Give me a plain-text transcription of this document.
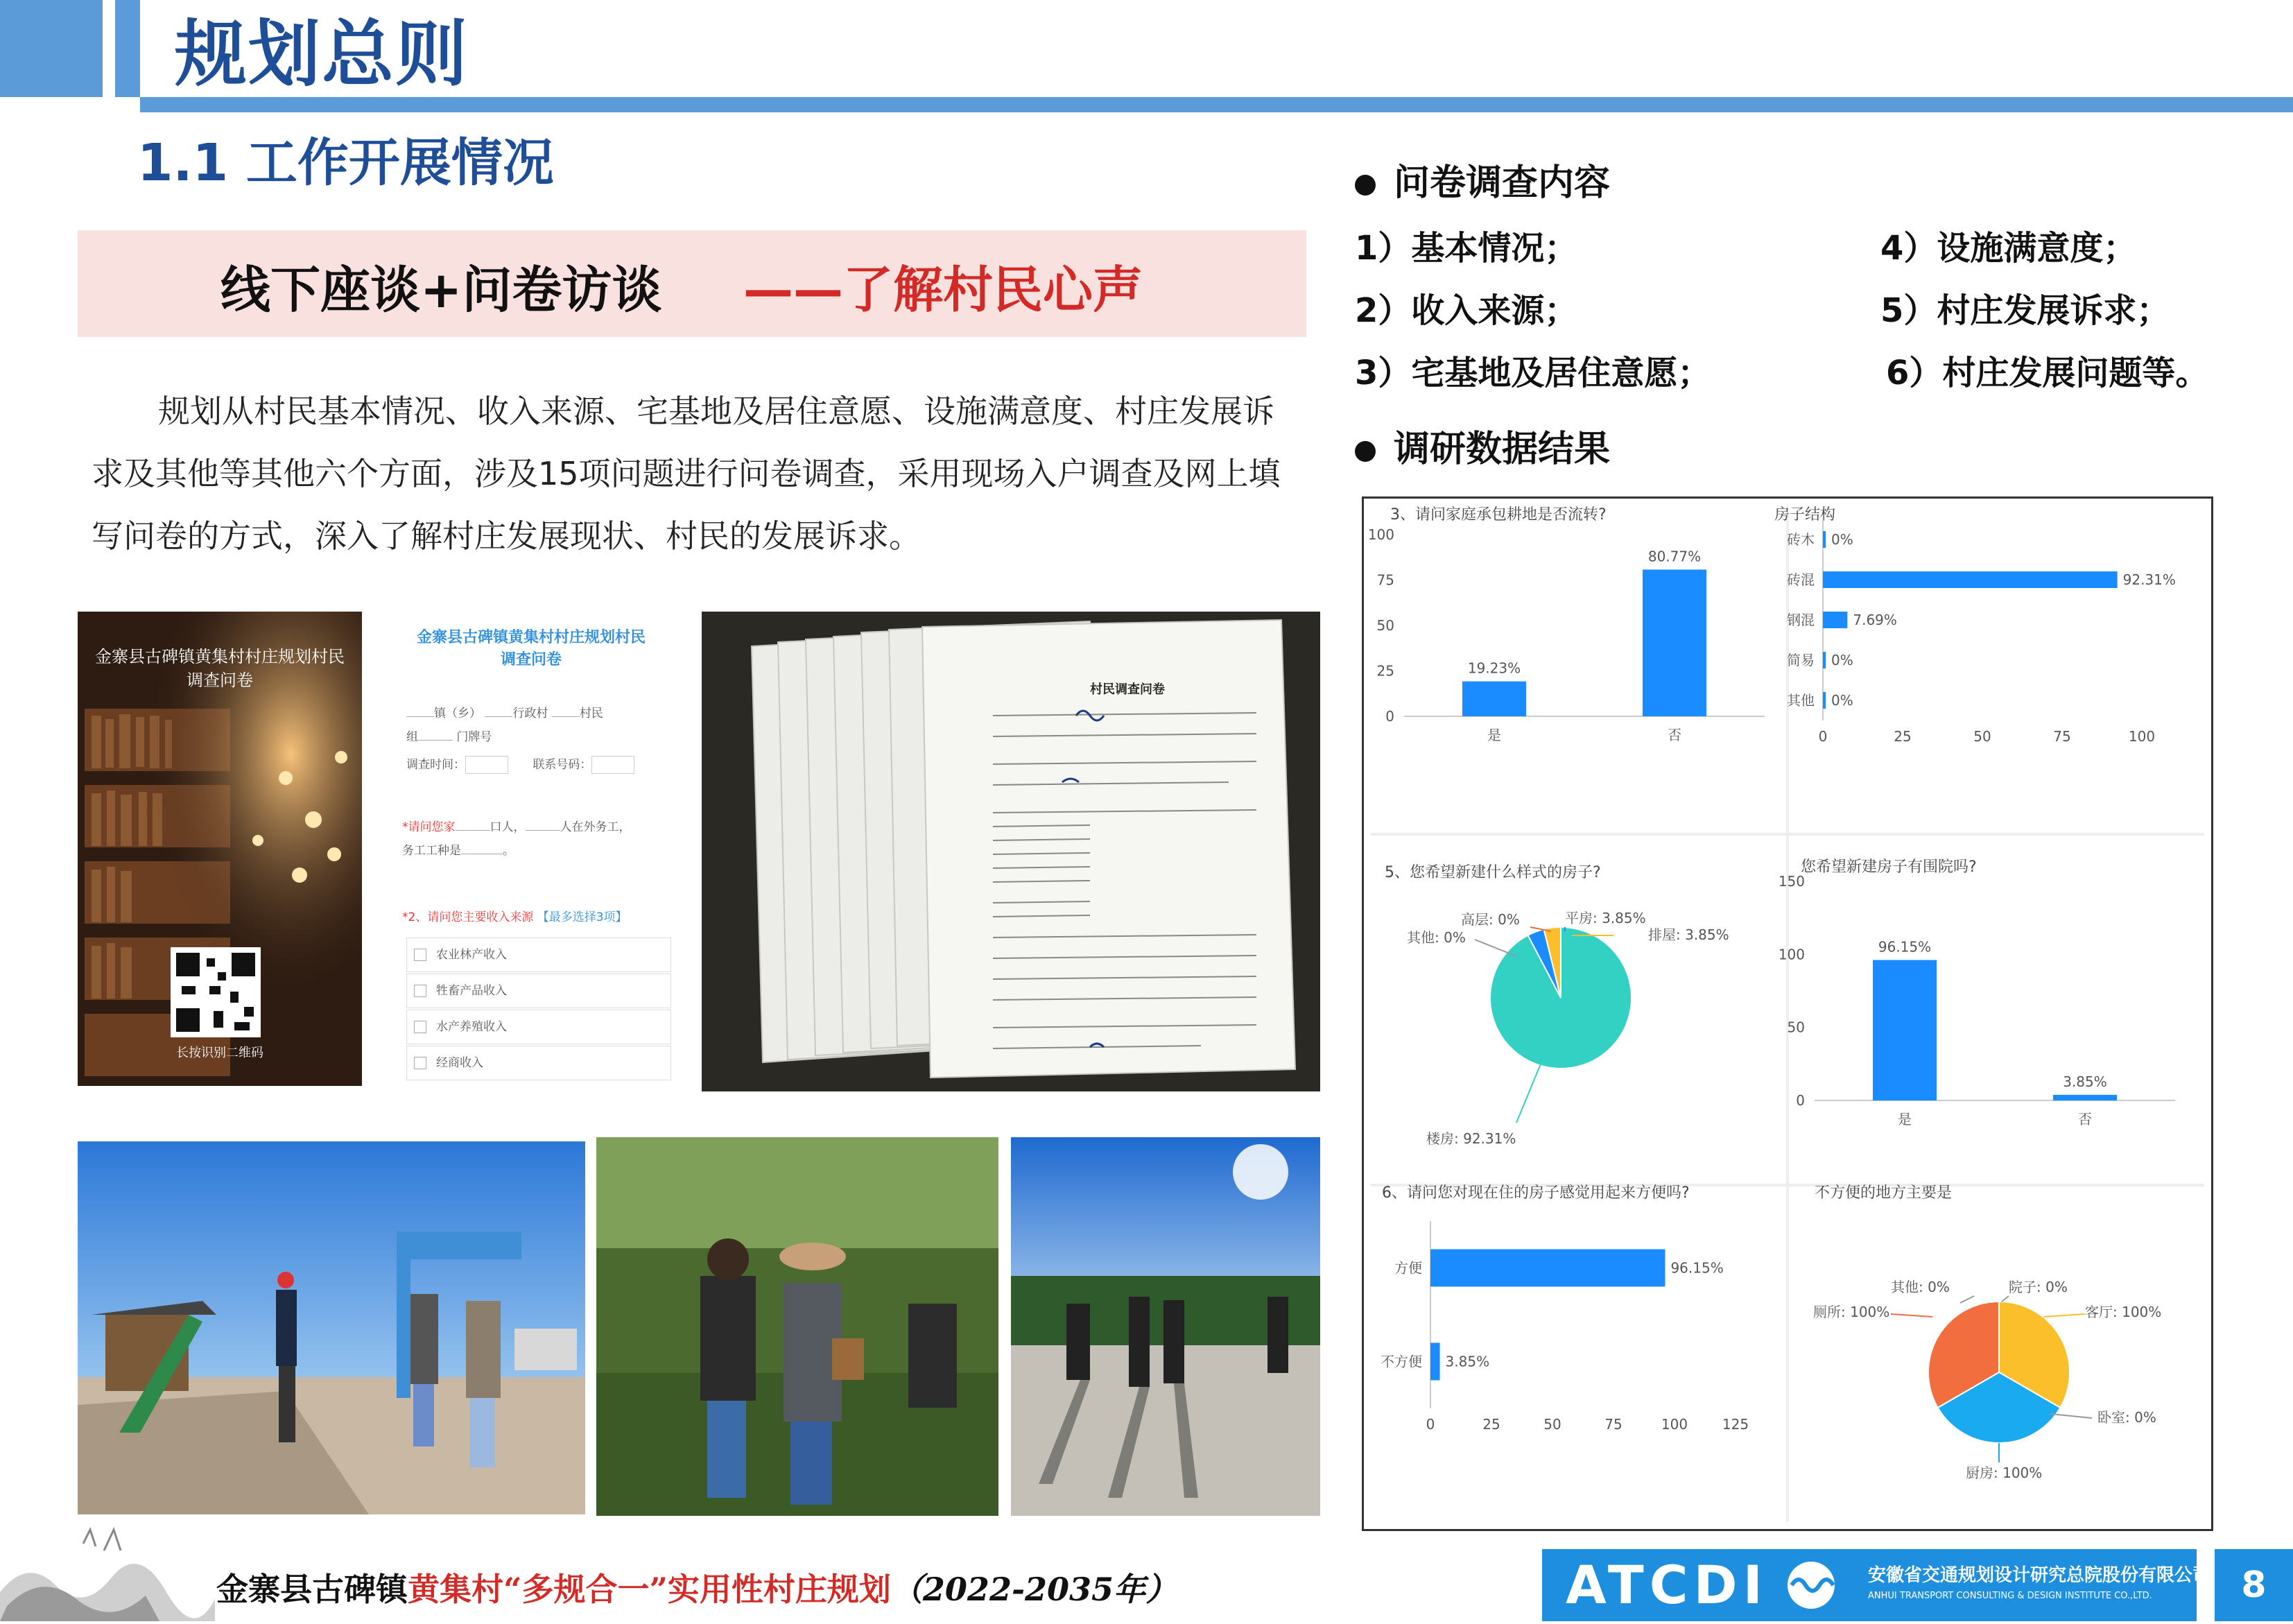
规划总则
1.1 工作开展情况
线下座谈+问卷访谈 ——了解村民心声
规划从村民基本情况、收入来源、宅基地及居住意愿、设施满意度、村庄发展诉求及其他等其他六个方面，涉及15项问题进行问卷调查，采用现场入户调查及网上填写问卷的方式，深入了解村庄发展现状、村民的发展诉求。
金寨县古碑镇黄集村村庄规划村民调查问卷
长按识别二维码
金寨县古碑镇黄集村村庄规划村民调查问卷
镇（乡）	行政村	村民
组	门牌号
调查时间：	联系号码：
*请问您家	口人，	人在外务工，
务工工种是	。
*2、请问您主要收入来源 【最多选择3项】
农业林产收入
牲畜产品收入
水产养殖收入
经商收入
村民调查问卷
问卷调查内容
1）基本情况；	4）设施满意度；
2）收入来源；	5）村庄发展诉求；
3）宅基地及居住意愿；	6）村庄发展问题等。
调研数据结果
3、请问家庭承包耕地是否流转?
100
75
50
25
0
19.23%
是
80.77%
否
房子结构
0	25	50	75	100
砖木 0%
砖混	92.31%
钢混	7.69%
简易 0%
其他 0%
5、您希望新建什么样式的房子?
楼房: 92.31%
平房: 3.85%
排屋: 3.85%
高层: 0%
其他: 0%
您希望新建房子有围院吗?
150
100
50
0
96.15%
是
3.85%
否
6、请问您对现在住的房子感觉用起来方便吗?
0	25	50	75	100 125
方便	96.15%
不方便 3.85%
不方便的地方主要是
客厅: 100%
厨房: 100%
厕所: 100%
卧室: 0%
其他: 0%	院子: 0%
金寨县古碑镇黄集村“多规合一”实用性村庄规划（2022-2035年）	ATCDI	安徽省交通规划设计研究总院股份有限公司
ANHUI TRANSPORT CONSULTING & DESIGN INSTITUTE CO.,LTD.	8
